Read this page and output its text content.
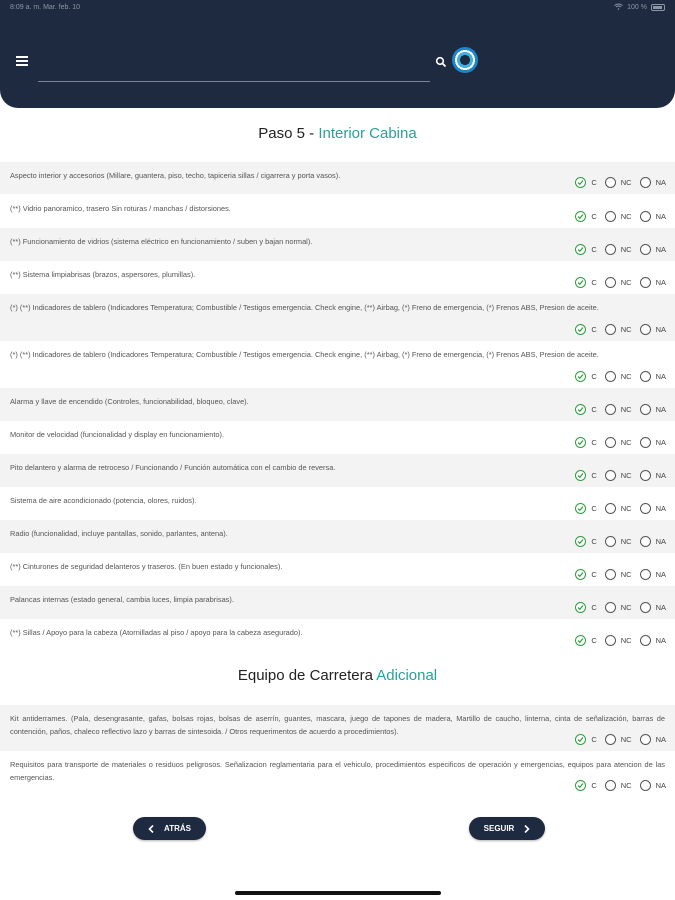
8:09 a. m. Mar. feb. 10	100 %
Paso 5 - Interior Cabina
Aspecto interior y accesorios (Millare, guantera, piso, techo, tapiceria sillas / cigarrera y porta vasos).
C	NC	NA
(**) Vidrio panoramico, trasero Sin roturas / manchas / distorsiones.
C	NC	NA
(**) Funcionamiento de vidrios (sistema eléctrico en funcionamiento / suben y bajan normal).
C	NC	NA
(**) Sistema limpiabrisas (brazos, aspersores, plumillas).
C	NC	NA
(*) (**) Indicadores de tablero (Indicadores Temperatura; Combustible / Testigos emergencia. Check engine, (**) Airbag, (*) Freno de emergencia, (*) Frenos ABS, Presion de aceite.
C	NC	NA
(*) (**) Indicadores de tablero (Indicadores Temperatura; Combustible / Testigos emergencia. Check engine, (**) Airbag, (*) Freno de emergencia, (*) Frenos ABS, Presion de aceite.
C	NC	NA
Alarma y llave de encendido (Controles, funcionabilidad, bloqueo, clave).
C	NC	NA
Monitor de velocidad (funcionalidad y display en funcionamiento).
C	NC	NA
Pito delantero y alarma de retroceso / Funcionando / Función automática con el cambio de reversa.
C	NC	NA
Sistema de aire acondicionado (potencia, olores, ruidos).
C	NC	NA
Radio (funcionalidad, incluye pantallas, sonido, parlantes, antena).
C	NC	NA
(**) Cinturones de seguridad delanteros y traseros. (En buen estado y funcionales).
C	NC	NA
Palancas internas (estado general, cambia luces, limpia parabrisas).
C	NC	NA
(**) Sillas / Apoyo para la cabeza (Atornilladas al piso / apoyo para la cabeza asegurado).
C	NC	NA
Equipo de Carretera Adicional
Kit antiderrames. (Pala, desengrasante, gafas, bolsas rojas, bolsas de aserrín, guantes, mascara, juego de tapones de madera, Martillo de caucho, linterna, cinta de señalización, barras de contención, paños, chaleco reflectivo lazo y barras de sintesoida. / Otros requerimentos de acuerdo a procedimientos).
C	NC	NA
Requisitos para transporte de materiales o residuos peligrosos. Señalizacion reglamentaria para el vehiculo, procedimientos especificos de operación y emergencias, equipos para atencion de las emergencias.
C	NC	NA
ATRÁS	SEGUIR
